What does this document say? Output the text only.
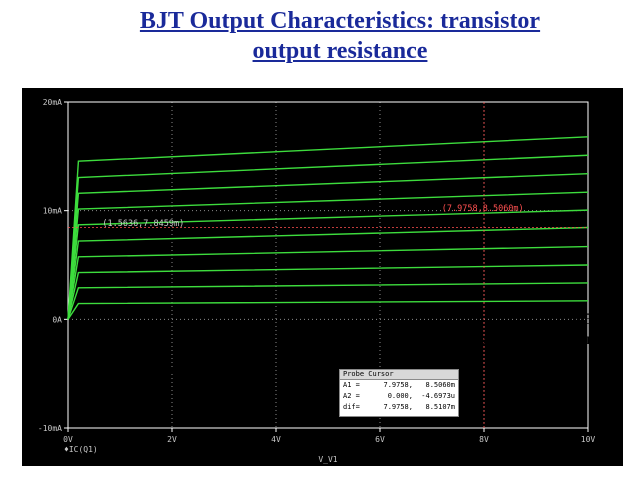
BJT Output Characteristics: transistor
output resistance
0V	2V	4V	6V	8V	10V
20mA
10mA
0A
-10mA
V_V1
♦IC(Q1)
(1.5636,7.8459m)
(7.9758,8.5060m)
Ro = 1/slope
At Ib = 45µA,
1/slope = (8.0 - 1.6)V/(8.5 - 7.8)mA
Rout = 9.1KΩ
Ib = 5µA
(Each plot 10µA difference)
Probe Cursor
A1 =	7.9758,	8.5060m
A2 =	0.000,	-4.6973u
dif=	7.9758,	8.5107m
